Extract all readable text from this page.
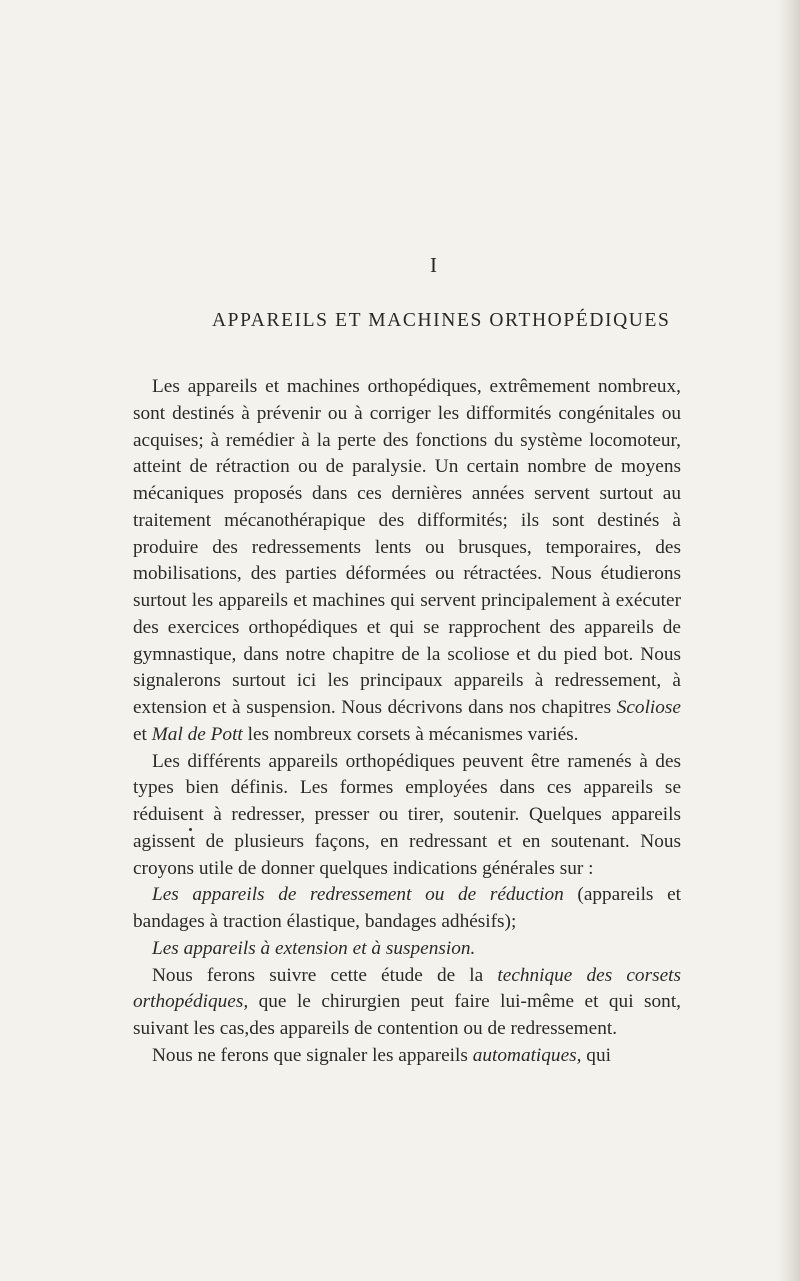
I
APPAREILS ET MACHINES ORTHOPÉDIQUES

Les appareils et machines orthopédiques, extrêmement nombreux, sont destinés à prévenir ou à corriger les difformités congénitales ou acquises; à remédier à la perte des fonctions du système locomoteur, atteint de rétraction ou de paralysie. Un certain nombre de moyens mécaniques proposés dans ces dernières années servent surtout au traitement mécanothérapique des difformités; ils sont destinés à produire des redressements lents ou brusques, temporaires, des mobilisations, des parties déformées ou rétractées. Nous étudierons surtout les appareils et machines qui servent principalement à exécuter des exercices orthopédiques et qui se rapprochent des appareils de gymnastique, dans notre chapitre de la scoliose et du pied bot. Nous signalerons surtout ici les principaux appareils à redressement, à extension et à suspension. Nous décrivons dans nos chapitres Scoliose et Mal de Pott les nombreux corsets à mécanismes variés.

Les différents appareils orthopédiques peuvent être ramenés à des types bien définis. Les formes employées dans ces appareils se réduisent à redresser, presser ou tirer, soutenir. Quelques appareils agissent de plusieurs façons, en redressant et en soutenant. Nous croyons utile de donner quelques indications générales sur :

Les appareils de redressement ou de réduction (appareils et bandages à traction élastique, bandages adhésifs);

Les appareils à extension et à suspension.

Nous ferons suivre cette étude de la technique des corsets orthopédiques, que le chirurgien peut faire lui-même et qui sont, suivant les cas,des appareils de contention ou de redressement.

Nous ne ferons que signaler les appareils automatiques, qui
